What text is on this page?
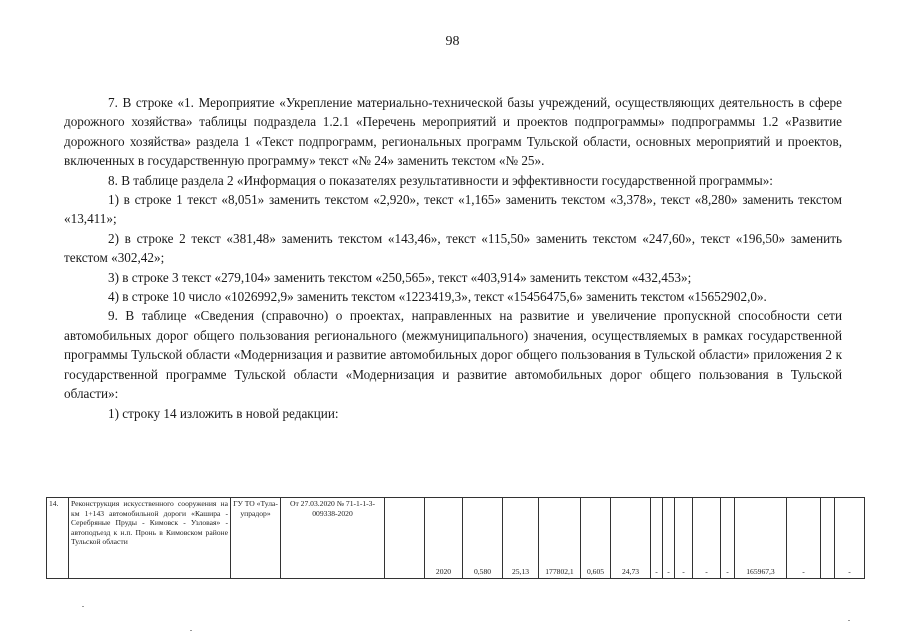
98

7. В строке «1. Мероприятие «Укрепление материально-технической базы учреждений, осуществляющих деятельность в сфере дорожного хозяйства» таблицы подраздела 1.2.1 «Перечень мероприятий и проектов подпрограммы» подпрограммы 1.2 «Развитие дорожного хозяйства» раздела 1 «Текст подпрограмм, региональных программ Тульской области, основных мероприятий и проектов, включенных в государственную программу» текст «№ 24» заменить текстом «№ 25».

8. В таблице раздела 2 «Информация о показателях результативности и эффективности государственной программы»:

1) в строке 1 текст «8,051» заменить текстом «2,920», текст «1,165» заменить текстом «3,378», текст «8,280» заменить текстом «13,411»;

2) в строке 2 текст «381,48» заменить текстом «143,46», текст «115,50» заменить текстом «247,60», текст «196,50» заменить текстом «302,42»;

3) в строке 3 текст «279,104» заменить текстом «250,565», текст «403,914» заменить текстом «432,453»;

4) в строке 10 число «1026992,9» заменить текстом «1223419,3», текст «15456475,6» заменить текстом «15652902,0».

9. В таблице «Сведения (справочно) о проектах, направленных на развитие и увеличение пропускной способности сети автомобильных дорог общего пользования регионального (межмуниципального) значения, осуществляемых в рамках государственной программы Тульской области «Модернизация и развитие автомобильных дорог общего пользования в Тульской области» приложения 2 к государственной программе Тульской области «Модернизация и развитие автомобильных дорог общего пользования в Тульской области»:

1) строку 14 изложить в новой редакции:

14.	Реконструкция искусственного сооружения на км 1+143 автомобильной дороги «Кашира - Серебряные Пруды - Кимовск - Узловая» - автоподъезд к н.п. Пронь в Кимовском районе Тульской области	ГУ ТО «Тула-упрадор»	От 27.03.2020 № 71-1-1-3-009338-2020		2020	0,580	25,13	177802,1	0,605	24,73	-	-	-	-	-	165967,3	-		-
